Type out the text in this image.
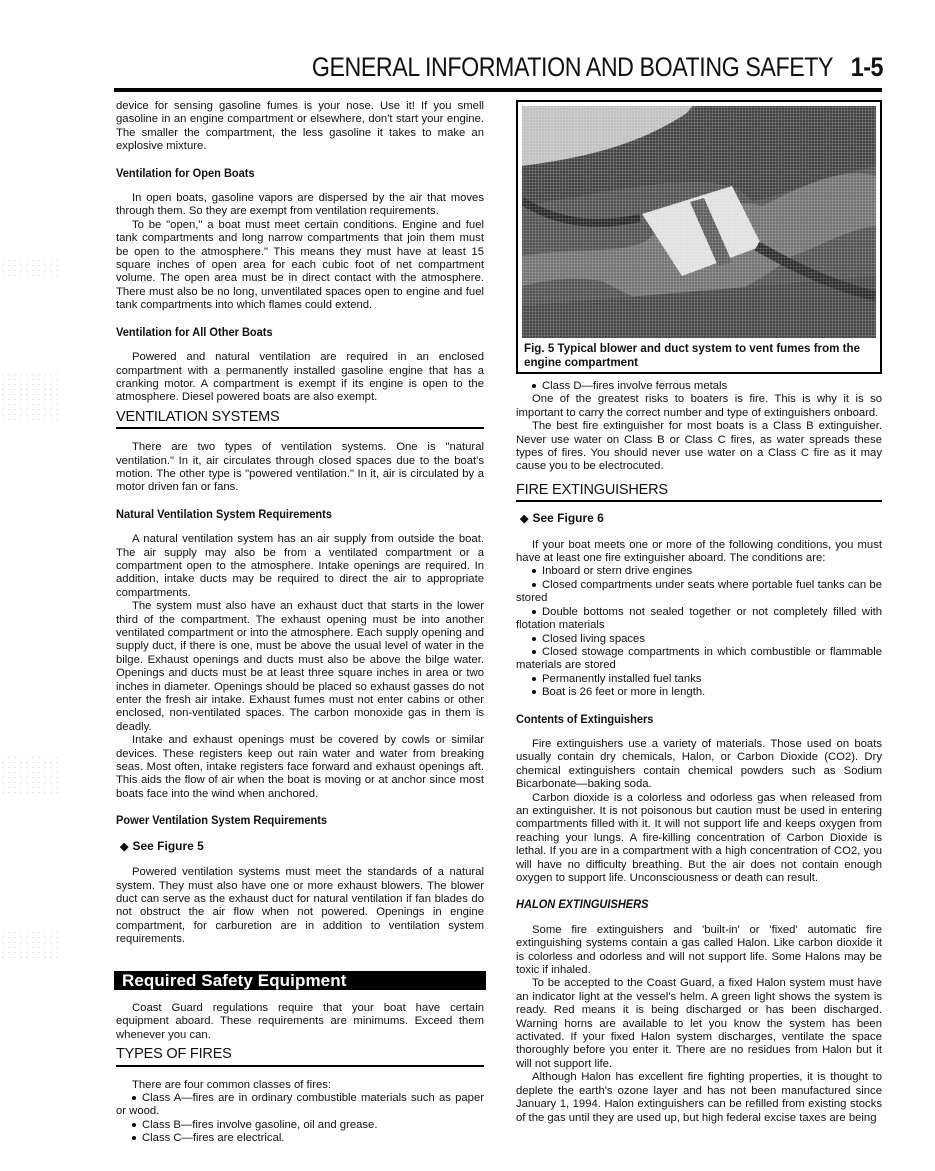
GENERAL INFORMATION AND BOATING SAFETY 1-5

device for sensing gasoline fumes is your nose. Use it! If you smell gasoline in an engine compartment or elsewhere, don't start your engine. The smaller the compartment, the less gasoline it takes to make an explosive mixture.

Ventilation for Open Boats

In open boats, gasoline vapors are dispersed by the air that moves through them. So they are exempt from ventilation requirements.

To be "open," a boat must meet certain conditions. Engine and fuel tank compartments and long narrow compartments that join them must be open to the atmosphere." This means they must have at least 15 square inches of open area for each cubic foot of net compartment volume. The open area must be in direct contact with the atmosphere. There must also be no long, unventilated spaces open to engine and fuel tank compartments into which flames could extend.

Ventilation for All Other Boats

Powered and natural ventilation are required in an enclosed compartment with a permanently installed gasoline engine that has a cranking motor. A compartment is exempt if its engine is open to the atmosphere. Diesel powered boats are also exempt.

VENTILATION SYSTEMS

There are two types of ventilation systems. One is "natural ventilation." In it, air circulates through closed spaces due to the boat's motion. The other type is "powered ventilation." In it, air is circulated by a motor driven fan or fans.

Natural Ventilation System Requirements

A natural ventilation system has an air supply from outside the boat. The air supply may also be from a ventilated compartment or a compartment open to the atmosphere. Intake openings are required. In addition, intake ducts may be required to direct the air to appropriate compartments.

The system must also have an exhaust duct that starts in the lower third of the compartment. The exhaust opening must be into another ventilated compartment or into the atmosphere. Each supply opening and supply duct, if there is one, must be above the usual level of water in the bilge. Exhaust openings and ducts must also be above the bilge water. Openings and ducts must be at least three square inches in area or two inches in diameter. Openings should be placed so exhaust gasses do not enter the fresh air intake. Exhaust fumes must not enter cabins or other enclosed, non-ventilated spaces. The carbon monoxide gas in them is deadly.

Intake and exhaust openings must be covered by cowls or similar devices. These registers keep out rain water and water from breaking seas. Most often, intake registers face forward and exhaust openings aft. This aids the flow of air when the boat is moving or at anchor since most boats face into the wind when anchored.

Power Ventilation System Requirements
◆ See Figure 5

Powered ventilation systems must meet the standards of a natural system. They must also have one or more exhaust blowers. The blower duct can serve as the exhaust duct for natural ventilation if fan blades do not obstruct the air flow when not powered. Openings in engine compartment, for carburetion are in addition to ventilation system requirements.

Required Safety Equipment

Coast Guard regulations require that your boat have certain equipment aboard. These requirements are minimums. Exceed them whenever you can.

TYPES OF FIRES

There are four common classes of fires:

Class A—fires are in ordinary combustible materials such as paper or wood.

Class B—fires involve gasoline, oil and grease.

Class C—fires are electrical.

Fig. 5 Typical blower and duct system to vent fumes from the engine compartment

Class D—fires involve ferrous metals

One of the greatest risks to boaters is fire. This is why it is so important to carry the correct number and type of extinguishers onboard.

The best fire extinguisher for most boats is a Class B extinguisher. Never use water on Class B or Class C fires, as water spreads these types of fires. You should never use water on a Class C fire as it may cause you to be electrocuted.

FIRE EXTINGUISHERS
◆ See Figure 6

If your boat meets one or more of the following conditions, you must have at least one fire extinguisher aboard. The conditions are:

Inboard or stern drive engines

Closed compartments under seats where portable fuel tanks can be stored

Double bottoms not sealed together or not completely filled with flotation materials

Closed living spaces

Closed stowage compartments in which combustible or flammable materials are stored

Permanently installed fuel tanks

Boat is 26 feet or more in length.

Contents of Extinguishers

Fire extinguishers use a variety of materials. Those used on boats usually contain dry chemicals, Halon, or Carbon Dioxide (CO2). Dry chemical extinguishers contain chemical powders such as Sodium Bicarbonate—baking soda.

Carbon dioxide is a colorless and odorless gas when released from an extinguisher. It is not poisonous but caution must be used in entering compartments filled with it. It will not support life and keeps oxygen from reaching your lungs. A fire-killing concentration of Carbon Dioxide is lethal. If you are in a compartment with a high concentration of CO2, you will have no difficulty breathing. But the air does not contain enough oxygen to support life. Unconsciousness or death can result.

HALON EXTINGUISHERS

Some fire extinguishers and 'built-in' or 'fixed' automatic fire extinguishing systems contain a gas called Halon. Like carbon dioxide it is colorless and odorless and will not support life. Some Halons may be toxic if inhaled.

To be accepted to the Coast Guard, a fixed Halon system must have an indicator light at the vessel's helm. A green light shows the system is ready. Red means it is being discharged or has been discharged. Warning horns are available to let you know the system has been activated. If your fixed Halon system discharges, ventilate the space thoroughly before you enter it. There are no residues from Halon but it will not support life.

Although Halon has excellent fire fighting properties, it is thought to deplete the earth's ozone layer and has not been manufactured since January 1, 1994. Halon extinguishers can be refilled from existing stocks of the gas until they are used up, but high federal excise taxes are being
